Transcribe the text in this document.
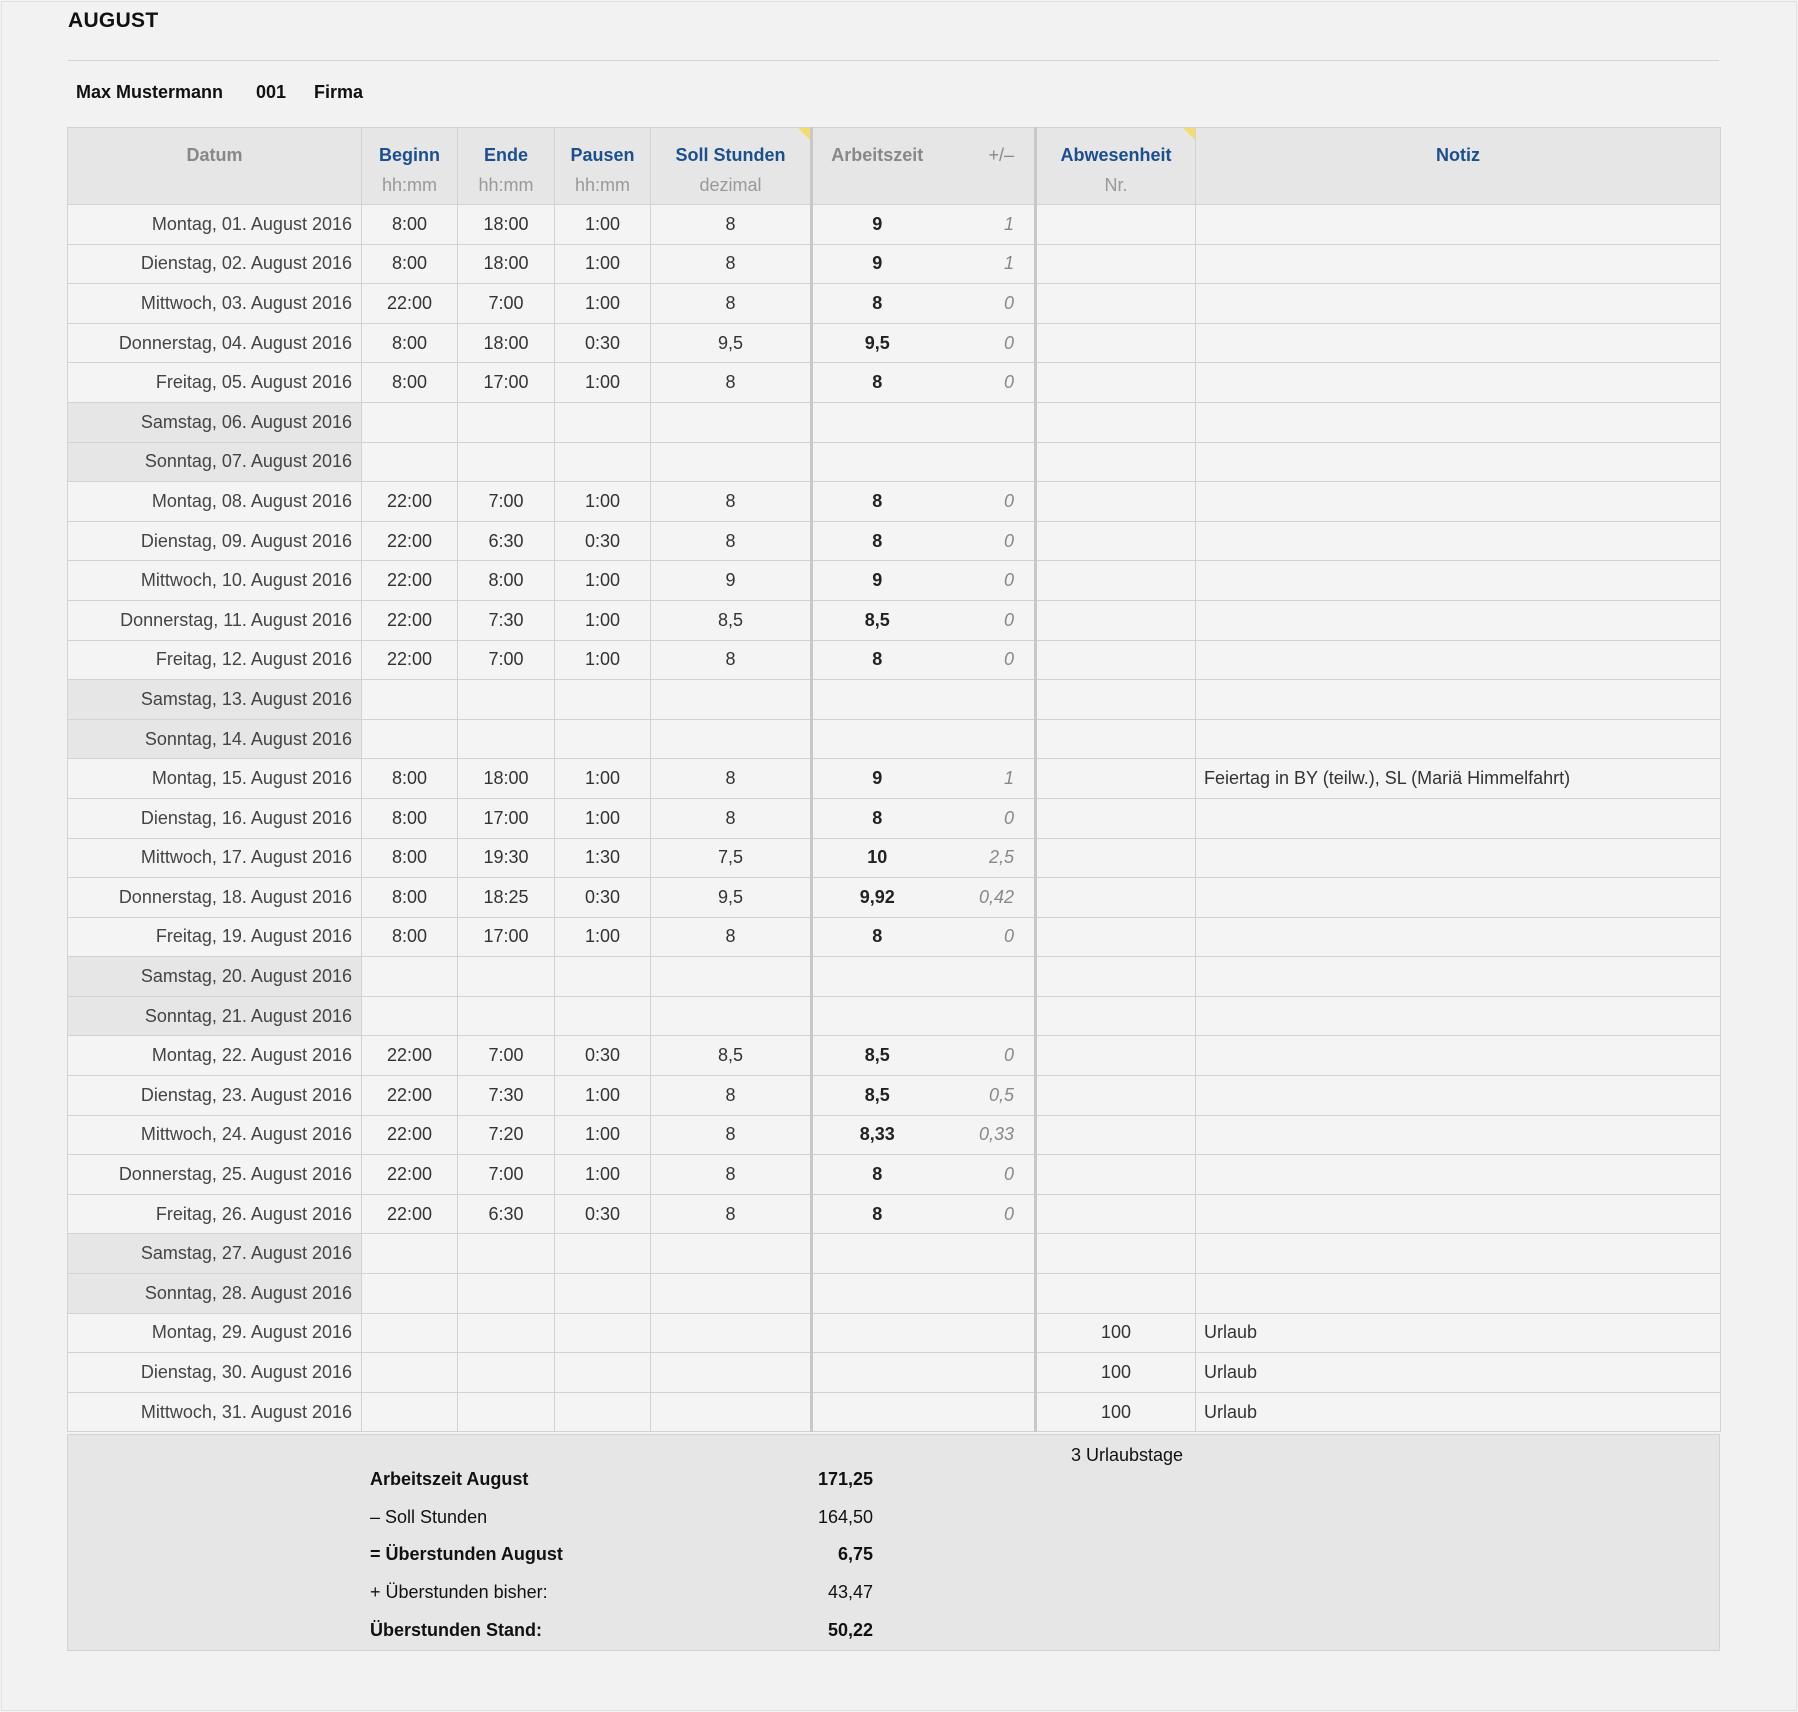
AUGUST
Max Mustermann 001 Firma
Datum	Beginn	Ende	Pausen	Soll Stunden	Arbeitszeit	+/–	Abwesenheit	Notiz
	hh:mm	hh:mm	hh:mm	dezimal			Nr.	
Montag, 01. August 2016	8:00	18:00	1:00	8	9	1		
Dienstag, 02. August 2016	8:00	18:00	1:00	8	9	1		
Mittwoch, 03. August 2016	22:00	7:00	1:00	8	8	0		
Donnerstag, 04. August 2016	8:00	18:00	0:30	9,5	9,5	0		
Freitag, 05. August 2016	8:00	17:00	1:00	8	8	0		
Samstag, 06. August 2016								
Sonntag, 07. August 2016								
Montag, 08. August 2016	22:00	7:00	1:00	8	8	0		
Dienstag, 09. August 2016	22:00	6:30	0:30	8	8	0		
Mittwoch, 10. August 2016	22:00	8:00	1:00	9	9	0		
Donnerstag, 11. August 2016	22:00	7:30	1:00	8,5	8,5	0		
Freitag, 12. August 2016	22:00	7:00	1:00	8	8	0		
Samstag, 13. August 2016								
Sonntag, 14. August 2016								
Montag, 15. August 2016	8:00	18:00	1:00	8	9	1		Feiertag in BY (teilw.), SL (Mariä Himmelfahrt)
Dienstag, 16. August 2016	8:00	17:00	1:00	8	8	0		
Mittwoch, 17. August 2016	8:00	19:30	1:30	7,5	10	2,5		
Donnerstag, 18. August 2016	8:00	18:25	0:30	9,5	9,92	0,42		
Freitag, 19. August 2016	8:00	17:00	1:00	8	8	0		
Samstag, 20. August 2016								
Sonntag, 21. August 2016								
Montag, 22. August 2016	22:00	7:00	0:30	8,5	8,5	0		
Dienstag, 23. August 2016	22:00	7:30	1:00	8	8,5	0,5		
Mittwoch, 24. August 2016	22:00	7:20	1:00	8	8,33	0,33		
Donnerstag, 25. August 2016	22:00	7:00	1:00	8	8	0		
Freitag, 26. August 2016	22:00	6:30	0:30	8	8	0		
Samstag, 27. August 2016								
Sonntag, 28. August 2016								
Montag, 29. August 2016							100	Urlaub
Dienstag, 30. August 2016							100	Urlaub
Mittwoch, 31. August 2016							100	Urlaub
3 Urlaubstage
Arbeitszeit August	171,25
– Soll Stunden	164,50
= Überstunden August	6,75
+ Überstunden bisher:	43,47
Überstunden Stand:	50,22
